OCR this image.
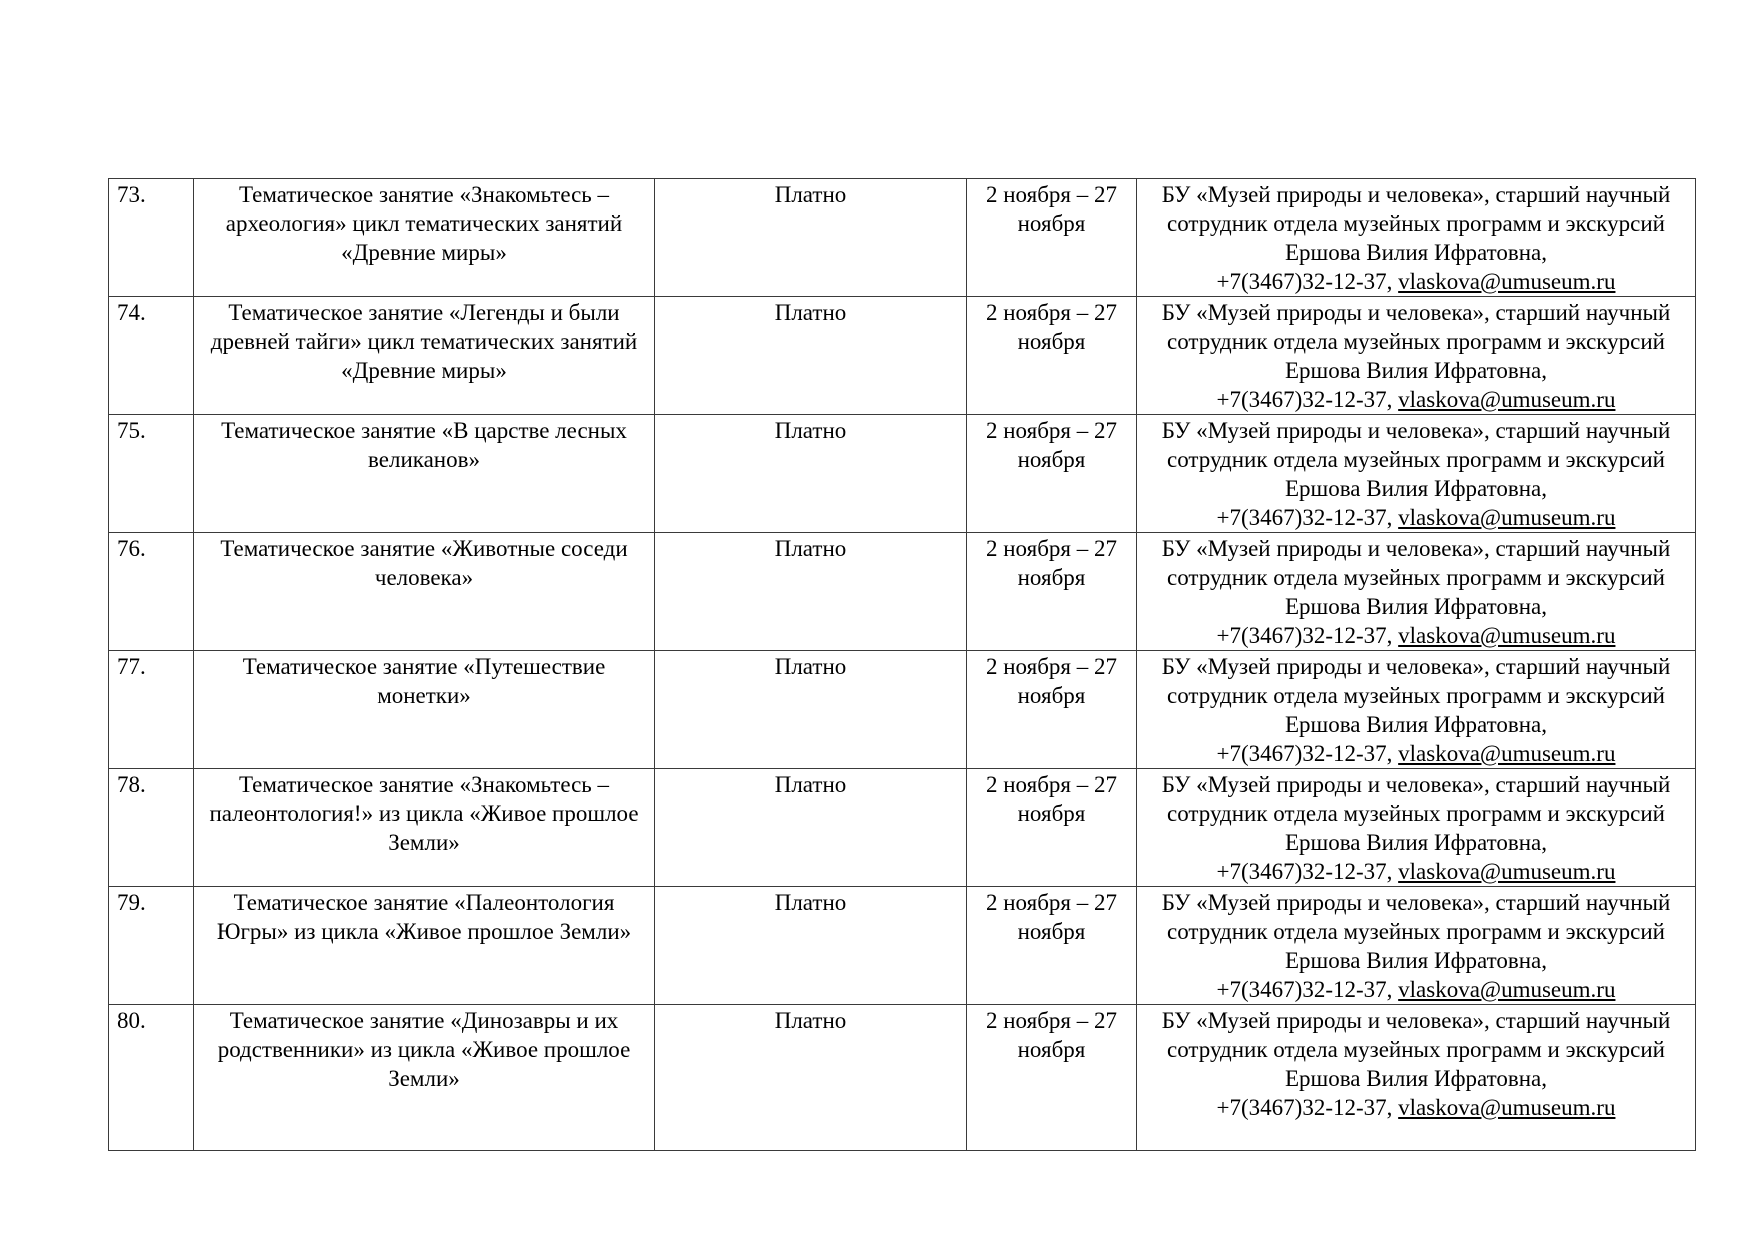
73.	Тематическое занятие «Знакомьтесь – археология» цикл тематических занятий «Древние миры»	Платно	2 ноября – 27 ноября	БУ «Музей природы и человека», старший научный сотрудник отдела музейных программ и экскурсий Ершова Вилия Ифратовна,
+7(3467)32-12-37, vlaskova@umuseum.ru
74.	Тематическое занятие «Легенды и были древней тайги» цикл тематических занятий «Древние миры»	Платно	2 ноября – 27 ноября	БУ «Музей природы и человека», старший научный сотрудник отдела музейных программ и экскурсий Ершова Вилия Ифратовна,
+7(3467)32-12-37, vlaskova@umuseum.ru
75.	Тематическое занятие «В царстве лесных великанов»	Платно	2 ноября – 27 ноября	БУ «Музей природы и человека», старший научный сотрудник отдела музейных программ и экскурсий Ершова Вилия Ифратовна,
+7(3467)32-12-37, vlaskova@umuseum.ru
76.	Тематическое занятие «Животные соседи человека»	Платно	2 ноября – 27 ноября	БУ «Музей природы и человека», старший научный сотрудник отдела музейных программ и экскурсий Ершова Вилия Ифратовна,
+7(3467)32-12-37, vlaskova@umuseum.ru
77.	Тематическое занятие «Путешествие монетки»	Платно	2 ноября – 27 ноября	БУ «Музей природы и человека», старший научный сотрудник отдела музейных программ и экскурсий Ершова Вилия Ифратовна,
+7(3467)32-12-37, vlaskova@umuseum.ru
78.	Тематическое занятие «Знакомьтесь – палеонтология!» из цикла «Живое прошлое Земли»	Платно	2 ноября – 27 ноября	БУ «Музей природы и человека», старший научный сотрудник отдела музейных программ и экскурсий Ершова Вилия Ифратовна,
+7(3467)32-12-37, vlaskova@umuseum.ru
79.	Тематическое занятие «Палеонтология Югры» из цикла «Живое прошлое Земли»	Платно	2 ноября – 27 ноября	БУ «Музей природы и человека», старший научный сотрудник отдела музейных программ и экскурсий Ершова Вилия Ифратовна,
+7(3467)32-12-37, vlaskova@umuseum.ru
80.	Тематическое занятие «Динозавры и их родственники» из цикла «Живое прошлое Земли»	Платно	2 ноября – 27 ноября	БУ «Музей природы и человека», старший научный сотрудник отдела музейных программ и экскурсий Ершова Вилия Ифратовна,
+7(3467)32-12-37, vlaskova@umuseum.ru
